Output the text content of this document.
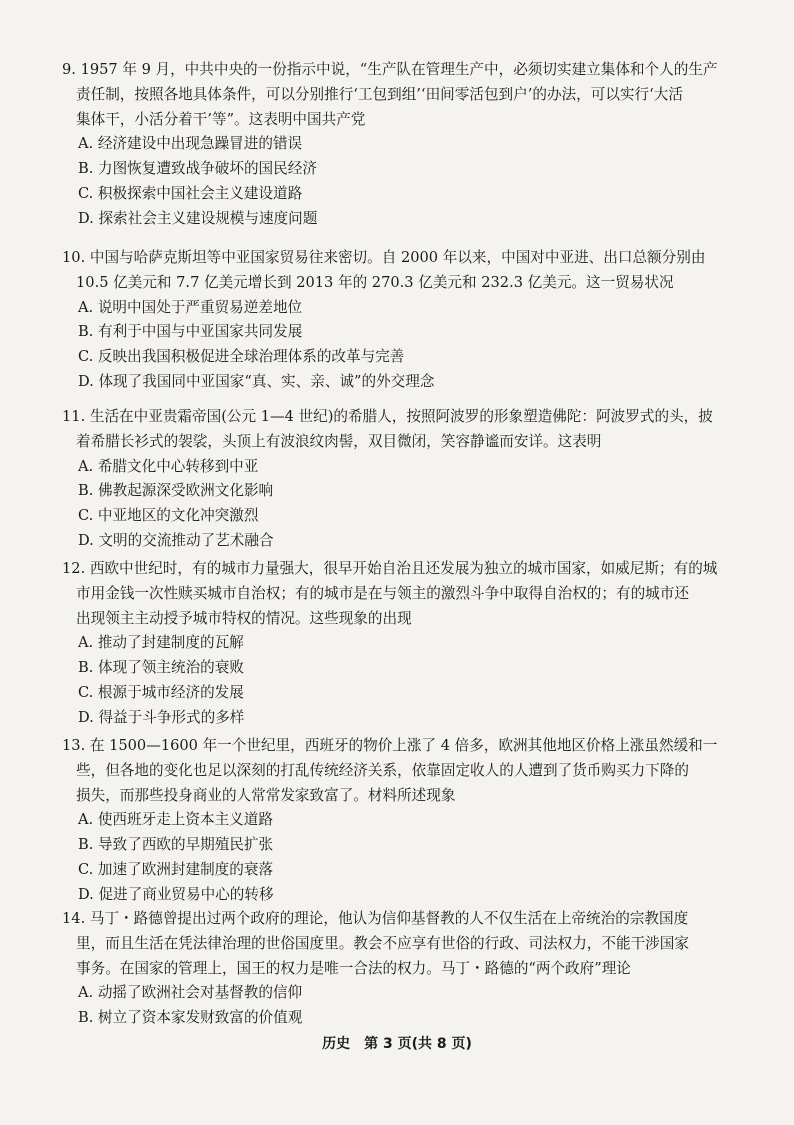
9. 1957 年 9 月，中共中央的一份指示中说，“生产队在管理生产中，必须切实建立集体和个人的生产
责任制，按照各地具体条件，可以分别推行‘工包到组’‘田间零活包到户’的办法，可以实行‘大活
集体干，小活分着干’等”。这表明中国共产党
A. 经济建设中出现急躁冒进的错误
B. 力图恢复遭致战争破坏的国民经济
C. 积极探索中国社会主义建设道路
D. 探索社会主义建设规模与速度问题
10. 中国与哈萨克斯坦等中亚国家贸易往来密切。自 2000 年以来，中国对中亚进、出口总额分别由
10.5 亿美元和 7.7 亿美元增长到 2013 年的 270.3 亿美元和 232.3 亿美元。这一贸易状况
A. 说明中国处于严重贸易逆差地位
B. 有利于中国与中亚国家共同发展
C. 反映出我国积极促进全球治理体系的改革与完善
D. 体现了我国同中亚国家“真、实、亲、诚”的外交理念
11. 生活在中亚贵霜帝国(公元 1—4 世纪)的希腊人，按照阿波罗的形象塑造佛陀：阿波罗式的头，披
着希腊长衫式的袈裟，头顶上有波浪纹肉髻，双目微闭，笑容静谧而安详。这表明
A. 希腊文化中心转移到中亚
B. 佛教起源深受欧洲文化影响
C. 中亚地区的文化冲突激烈
D. 文明的交流推动了艺术融合
12. 西欧中世纪时，有的城市力量强大，很早开始自治且还发展为独立的城市国家，如威尼斯；有的城
市用金钱一次性赎买城市自治权；有的城市是在与领主的激烈斗争中取得自治权的；有的城市还
出现领主主动授予城市特权的情况。这些现象的出现
A. 推动了封建制度的瓦解
B. 体现了领主统治的衰败
C. 根源于城市经济的发展
D. 得益于斗争形式的多样
13. 在 1500—1600 年一个世纪里，西班牙的物价上涨了 4 倍多，欧洲其他地区价格上涨虽然缓和一
些，但各地的变化也足以深刻的打乱传统经济关系，依靠固定收人的人遭到了货币购买力下降的
损失，而那些投身商业的人常常发家致富了。材料所述现象
A. 使西班牙走上资本主义道路
B. 导致了西欧的早期殖民扩张
C. 加速了欧洲封建制度的衰落
D. 促进了商业贸易中心的转移
14. 马丁・路德曾提出过两个政府的理论，他认为信仰基督教的人不仅生活在上帝统治的宗教国度
里，而且生活在凭法律治理的世俗国度里。教会不应享有世俗的行政、司法权力，不能干涉国家
事务。在国家的管理上，国王的权力是唯一合法的权力。马丁・路德的“两个政府”理论
A. 动摇了欧洲社会对基督教的信仰
B. 树立了资本家发财致富的价值观
历史　第 3 页(共 8 页)
